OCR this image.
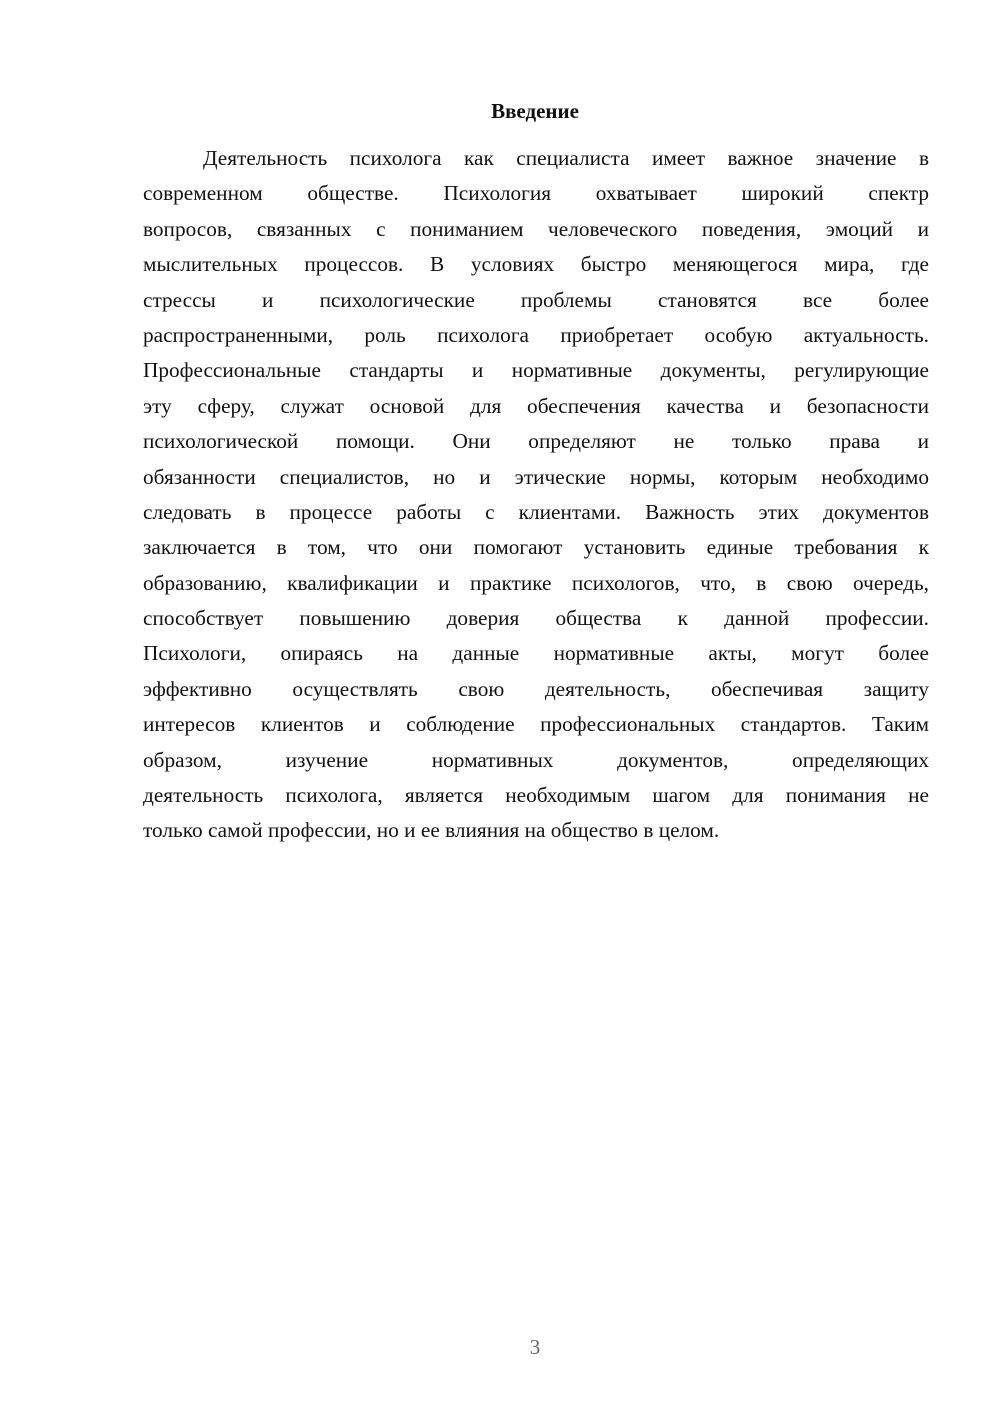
Введение
Деятельность психолога как специалиста имеет важное значение в
современном обществе. Психология охватывает широкий спектр
вопросов, связанных с пониманием человеческого поведения, эмоций и
мыслительных процессов. В условиях быстро меняющегося мира, где
стрессы и психологические проблемы становятся все более
распространенными, роль психолога приобретает особую актуальность.
Профессиональные стандарты и нормативные документы, регулирующие
эту сферу, служат основой для обеспечения качества и безопасности
психологической помощи. Они определяют не только права и
обязанности специалистов, но и этические нормы, которым необходимо
следовать в процессе работы с клиентами. Важность этих документов
заключается в том, что они помогают установить единые требования к
образованию, квалификации и практике психологов, что, в свою очередь,
способствует повышению доверия общества к данной профессии.
Психологи, опираясь на данные нормативные акты, могут более
эффективно осуществлять свою деятельность, обеспечивая защиту
интересов клиентов и соблюдение профессиональных стандартов. Таким
образом, изучение нормативных документов, определяющих
деятельность психолога, является необходимым шагом для понимания не
только самой профессии, но и ее влияния на общество в целом.
3
